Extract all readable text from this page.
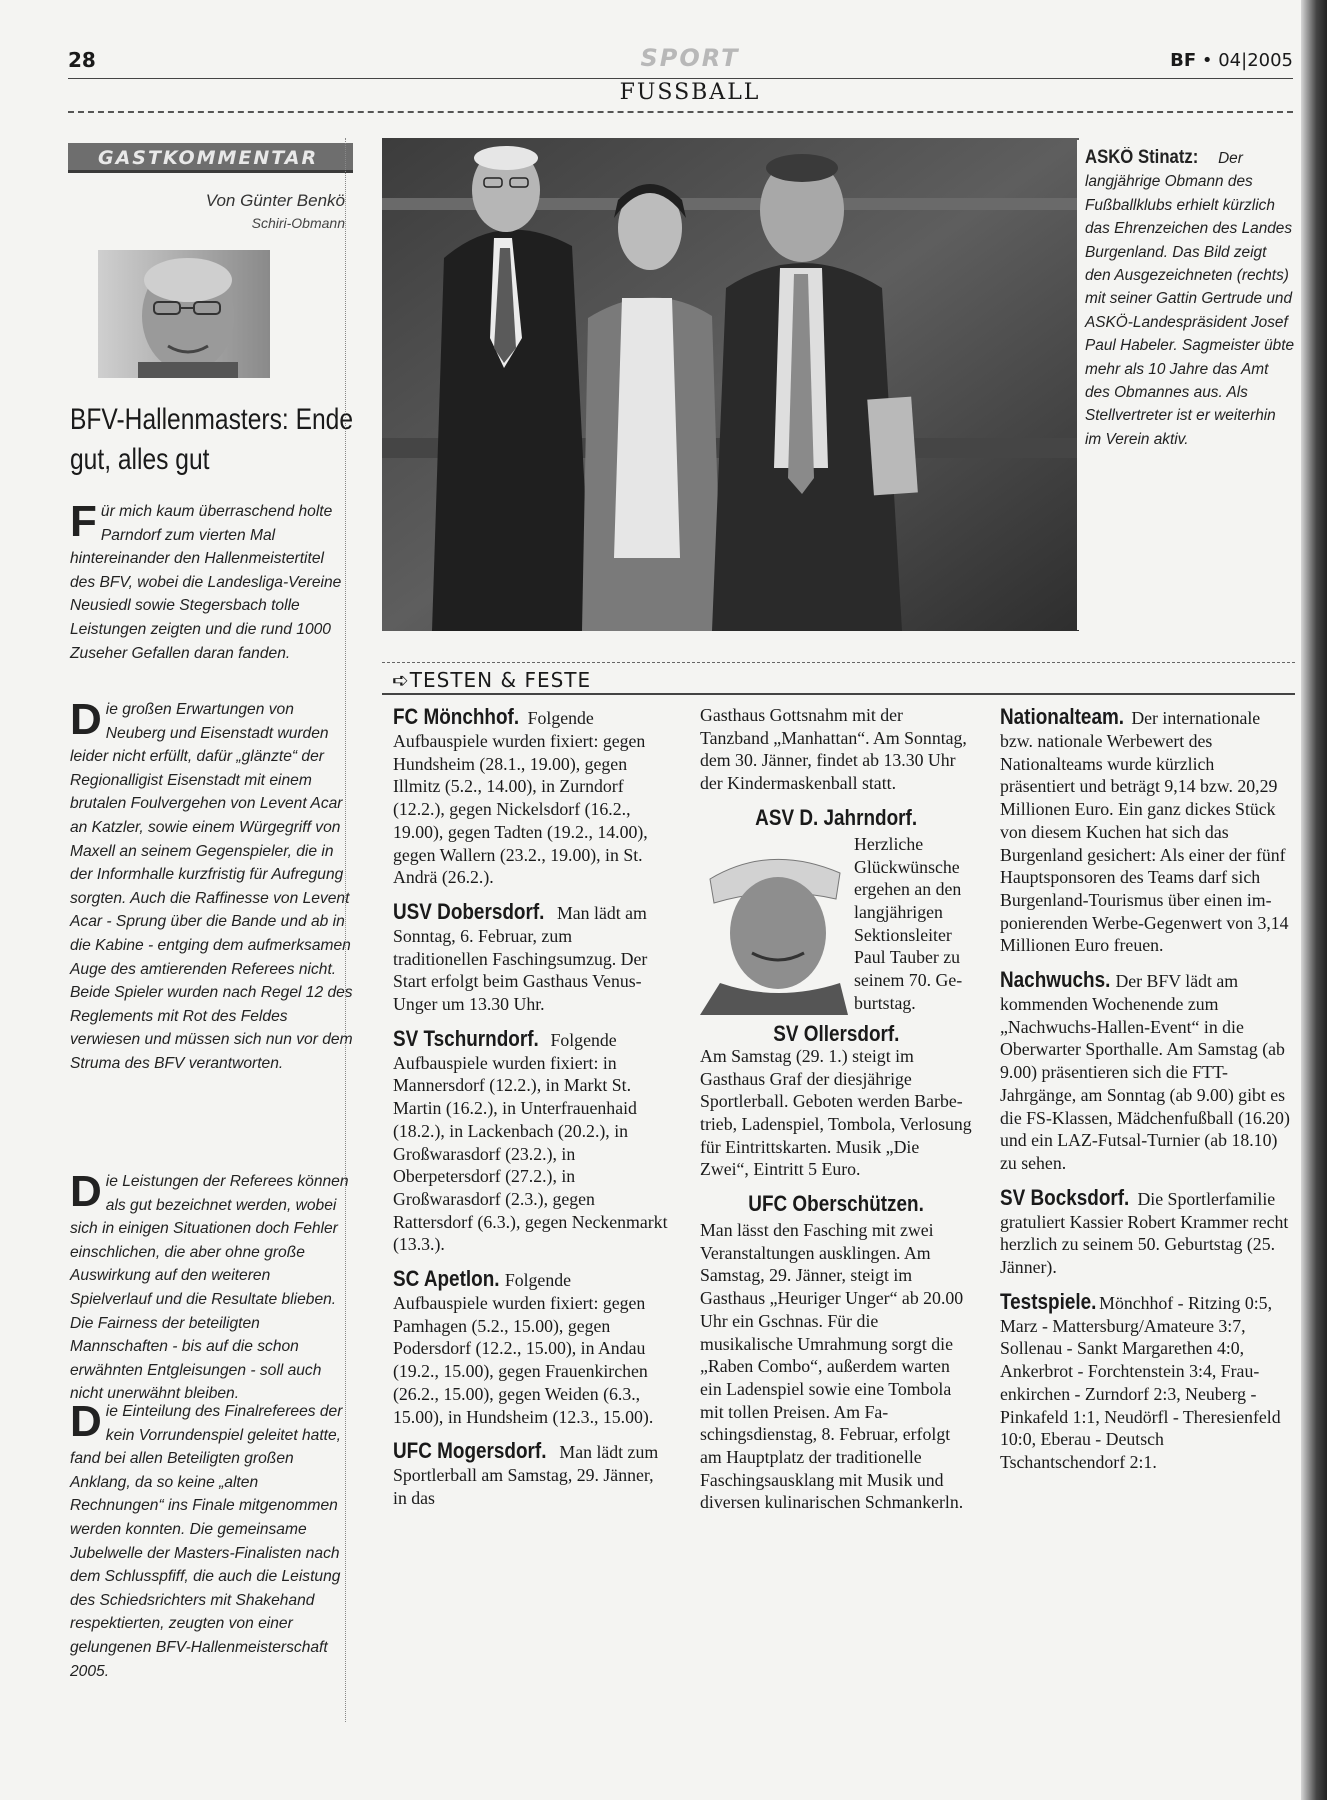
28	SPORT
FUSSBALL
BF • 04|2005
GASTKOMMENTAR
Von Günter Benkö
Schiri-Obmann
BFV-Hallenmasters: Ende gut, alles gut
Für mich kaum überraschend holte Parndorf zum vierten Mal hintereinander den Hallenmeistertitel des BFV, wobei die Landesliga-Vereine Neusiedl sowie Stegersbach tolle Leistungen zeigten und die rund 1000 Zuseher Gefallen daran fanden.
Die großen Erwartungen von Neuberg und Eisenstadt wurden leider nicht erfüllt, dafür „glänzte“ der Regionalligist Eisenstadt mit einem brutalen Foulvergehen von Levent Acar an Katzler, sowie einem Würgegriff von Maxell an seinem Gegenspieler, die in der Informhalle kurzfristig für Aufregung sorgten. Auch die Raffinesse von Levent Acar - Sprung über die Bande und ab in die Kabine - entging dem aufmerksamen Auge des amtierenden Referees nicht. Beide Spieler wurden nach Regel 12 des Reglements mit Rot des Feldes verwiesen und müssen sich nun vor dem Struma des BFV verantworten.
Die Leistungen der Referees können als gut bezeichnet werden, wobei sich in einigen Situationen doch Fehler einschlichen, die aber ohne große Auswirkung auf den weiteren Spielverlauf und die Resultate blieben. Die Fairness der beteiligten Mannschaften - bis auf die schon erwähnten Entgleisungen - soll auch nicht unerwähnt bleiben.
Die Einteilung des Finalreferees der kein Vorrundenspiel geleitet hatte, fand bei allen Beteiligten großen Anklang, da so keine „alten Rechnungen“ ins Finale mitgenommen werden konnten. Die gemeinsame Jubelwelle der Masters-Finalisten nach dem Schlusspfiff, die auch die Leistung des Schiedsrichters mit Shakehand respektierten, zeugten von einer gelungenen BFV-Hallenmeisterschaft 2005.
ASKÖ Stinatz: Der langjährige Obmann des Fußballklubs erhielt kürzlich das Ehrenzeichen des Landes Burgenland. Das Bild zeigt den Ausgezeichneten (rechts) mit seiner Gattin Gertrude und ASKÖ-Landespräsident Josef Paul Habeler. Sagmeister übte mehr als 10 Jahre das Amt des Obmannes aus. Als Stellvertreter ist er weiterhin im Verein aktiv.
➪TESTEN & FESTE

FC Mönchhof. Folgende Aufbauspiele wurden fixiert: gegen Hundsheim (28.1., 19.00), gegen Illmitz (5.2., 14.00), in Zurndorf (12.2.), gegen Nickelsdorf (16.2., 19.00), gegen Tadten (19.2., 14.00), gegen Wallern (23.2., 19.00), in St. Andrä (26.2.).

USV Dobersdorf. Man lädt am Sonntag, 6. Februar, zum traditionellen Faschingsumzug. Der Start erfolgt beim Gasthaus Venus-Unger um 13.30 Uhr.

SV Tschurndorf. Folgende Aufbauspiele wurden fixiert: in Mannersdorf (12.2.), in Markt St. Martin (16.2.), in Unterfrauenhaid (18.2.), in Lackenbach (20.2.), in Großwarasdorf (23.2.), in Oberpetersdorf (27.2.), in Großwarasdorf (2.3.), gegen Rattersdorf (6.3.), gegen Neckenmarkt (13.3.).

SC Apetlon. Folgende Aufbauspiele wurden fixiert: gegen Pamhagen (5.2., 15.00), gegen Podersdorf (12.2., 15.00), in Andau (19.2., 15.00), gegen Frauenkirchen (26.2., 15.00), gegen Weiden (6.3., 15.00), in Hundsheim (12.3., 15.00).

UFC Mogersdorf. Man lädt zum Sportlerball am Samstag, 29. Jänner, in das

Gasthaus Gottsnahm mit der Tanzband „Manhattan“. Am Sonntag, dem 30. Jänner, findet ab 13.30 Uhr der Kindermaskenball statt.

ASV D. Jahrndorf.
Herzliche Glückwünsche ergehen an den langjährigen Sektionsleiter Paul Tauber zu seinem 70. Geburtstag.
SV Ollersdorf.

Am Samstag (29. 1.) steigt im Gasthaus Graf der diesjährige Sportlerball. Geboten werden Barbetrieb, Ladenspiel, Tombola, Verlosung für Eintrittskarten. Musik „Die Zwei“, Eintritt 5 Euro.

UFC Oberschützen.

Man lässt den Fasching mit zwei Veranstaltungen ausklingen. Am Samstag, 29. Jänner, steigt im Gasthaus „Heuriger Unger“ ab 20.00 Uhr ein Gschnas. Für die musikalische Umrahmung sorgt die „Raben Combo“, außerdem warten ein Ladenspiel sowie eine Tombola mit tollen Preisen. Am Faschingsdienstag, 8. Februar, erfolgt am Hauptplatz der traditionelle Faschingsausklang mit Musik und diversen kulinarischen Schmankerln.

Nationalteam. Der internationale bzw. nationale Werbewert des Nationalteams wurde kürzlich präsentiert und beträgt 9,14 bzw. 20,29 Millionen Euro. Ein ganz dickes Stück von diesem Kuchen hat sich das Burgenland gesichert: Als einer der fünf Hauptsponsoren des Teams darf sich Burgenland-Tourismus über einen imponierenden Werbe-Gegenwert von 3,14 Millionen Euro freuen.

Nachwuchs. Der BFV lädt am kommenden Wochenende zum „Nachwuchs-Hallen-Event“ in die Oberwarter Sporthalle. Am Samstag (ab 9.00) präsentieren sich die FTT-Jahrgänge, am Sonntag (ab 9.00) gibt es die FS-Klassen, Mädchenfußball (16.20) und ein LAZ-Futsal-Turnier (ab 18.10) zu sehen.

SV Bocksdorf. Die Sportlerfamilie gratuliert Kassier Robert Krammer recht herzlich zu seinem 50. Geburtstag (25. Jänner).

Testspiele. Mönchhof - Ritzing 0:5, Marz - Mattersburg/Amateure 3:7, Sollenau - Sankt Margarethen 4:0, Ankerbrot - Forchtenstein 3:4, Frauenkirchen - Zurndorf 2:3, Neuberg - Pinkafeld 1:1, Neudörfl - Theresienfeld 10:0, Eberau - Deutsch Tschantschendorf 2:1.
